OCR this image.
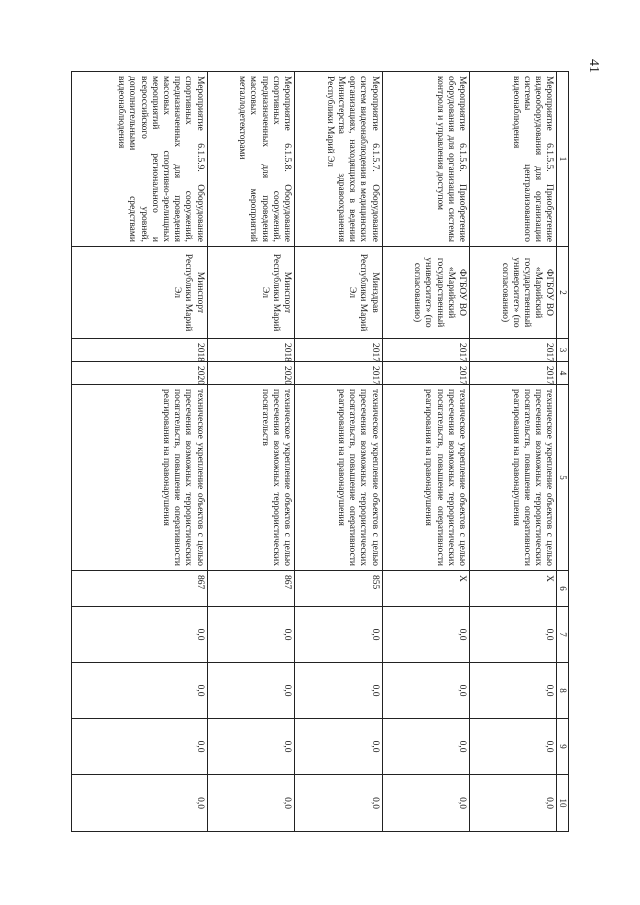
41
1	2	3	4	5	6	7	8	9	10
Мероприятие 6.1.5.5. Приобретение видеооборудования для организации системы централизованного видеонаблюдения	ФГБОУ ВО «Марийский государственный университет» (по согласованию)	2017	2017	техническое укрепление объектов с целью пресечения возможных террористических посягательств, повышение оперативности реагирования на правонарушения	X	0,0	0,0	0,0	0,0
Мероприятие 6.1.5.6. Приобретение оборудования для организации системы контроля и управления доступом	ФГБОУ ВО «Марийский государственный университет» (по согласованию)	2017	2017	техническое укрепление объектов с целью пресечения возможных террористических посягательств, повышение оперативности реагирования на правонарушения	X	0,0	0,0	0,0	0,0
Мероприятие 6.1.5.7. Оборудование систем видеонаблюдения в медицинских организациях, находящихся в ведении Министерства здравоохранения Республики Марий Эл	Минздрав Республики Марий Эл	2017	2017	техническое укрепление объектов с целью пресечения возможных террористических посягательств, повышение оперативности реагирования на правонарушения	855	0,0	0,0	0,0	0,0
Мероприятие 6.1.5.8. Оборудование спортивных сооружений, предназначенных для проведения массовых мероприятий металлодетекторами	Минспорт Республики Марий Эл	2018	2020	техническое укрепление объектов с целью пресечения возможных террористических посягательств	867	0,0	0,0	0,0	0,0
Мероприятие 6.1.5.9. Оборудование спортивных сооружений, предназначенных для проведения массовых спортивно-зрелищных мероприятий регионального и всероссийского уровней, дополнительными средствами видеонаблюдения	Минспорт Республики Марий Эл	2018	2020	техническое укрепление объектов с целью пресечения возможных террористических посягательств, повышение оперативности реагирования на правонарушения	867	0,0	0,0	0,0	0,0
